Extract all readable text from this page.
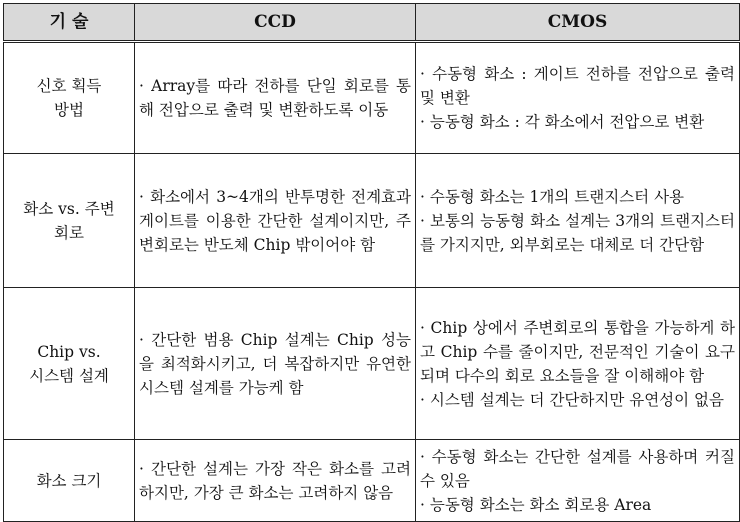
기 술	CCD	CMOS

신호 획득
방법	· Array를 따라 전하를 단일 회로를 통해 전압으로 출력 및 변환하도록 이동	· 수동형 화소 : 게이트 전하를 전압으로 출력 및 변환
· 능동형 화소 : 각 화소에서 전압으로 변환

화소 vs. 주변
회로	· 화소에서 3~4개의 반투명한 전계효과 게이트를 이용한 간단한 설계이지만, 주변회로는 반도체 Chip 밖이어야 함	· 수동형 화소는 1개의 트랜지스터 사용
· 보통의 능동형 화소 설계는 3개의 트랜지스터를 가지지만, 외부회로는 대체로 더 간단함

Chip vs.
시스템 설계	· 간단한 범용 Chip 설계는 Chip 성능을 최적화시키고, 더 복잡하지만 유연한 시스템 설계를 가능케 함	· Chip 상에서 주변회로의 통합을 가능하게 하고 Chip 수를 줄이지만, 전문적인 기술이 요구되며 다수의 회로 요소들을 잘 이해해야 함
· 시스템 설계는 더 간단하지만 유연성이 없음

화소 크기	· 간단한 설계는 가장 작은 화소를 고려하지만, 가장 큰 화소는 고려하지 않음	· 수동형 화소는 간단한 설계를 사용하며 커질 수 있음
· 능동형 화소는 화소 회로용 Area
